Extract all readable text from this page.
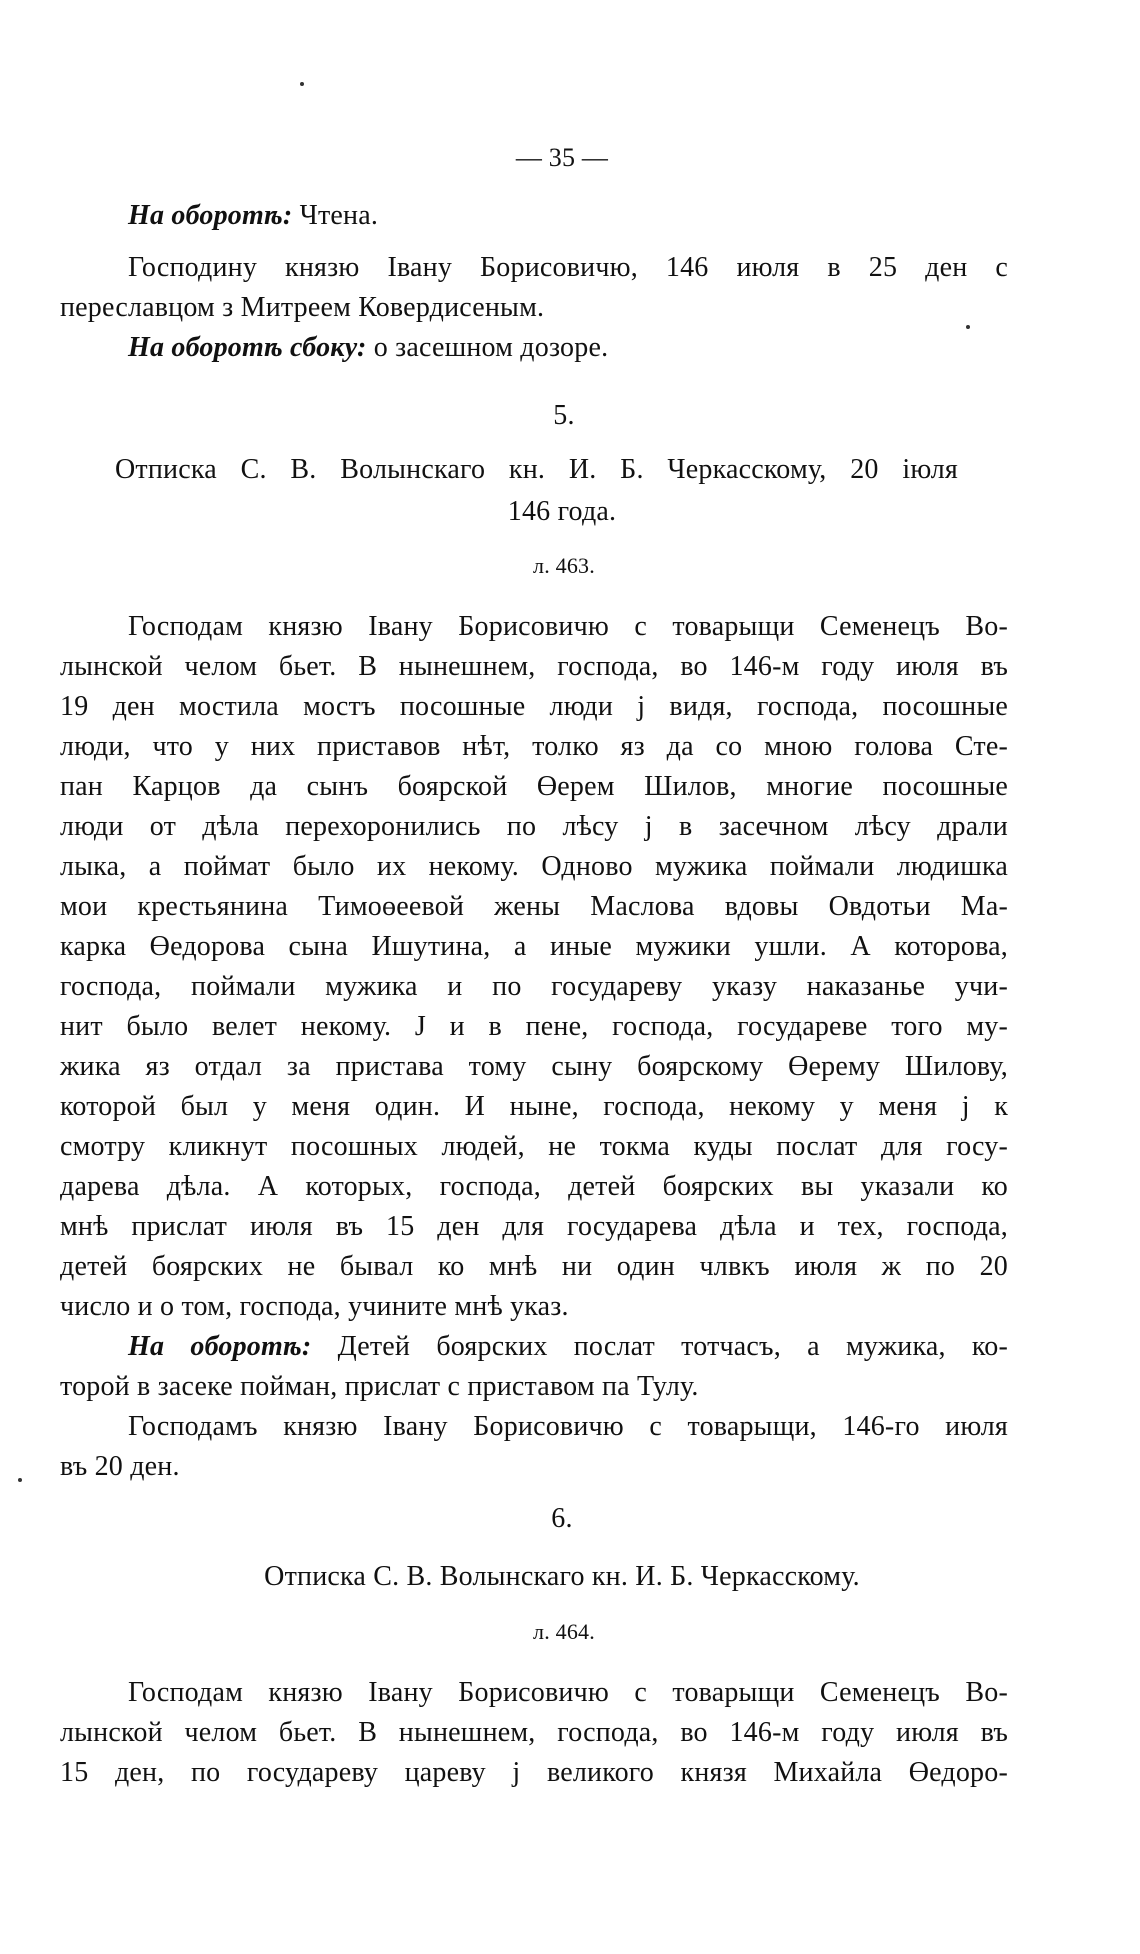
— 35 —
На оборотѣ: Чтена.
Господину князю Івану Борисовичю, 146 июля в 25 ден с
переславцом з Митреем Ковердисеным.
На оборотѣ сбоку: о засешном дозоре.
5.
Отписка С. В. Волынскаго кн. И. Б. Черкасскому, 20 іюля
146 года.
л. 463.
Господам князю Івану Борисовичю с товарыщи Семенецъ Во-
лынской челом бьет. В нынешнем, господа, во 146-м году июля въ
19 ден мостила мостъ посошные люди ј видя, господа, посошные
люди, что у них приставов нѣт, толко яз да со мною голова Сте-
пан Карцов да сынъ боярской Өерем Шилов, многие посошные
люди от дѣла перехоронились по лѣсу ј в засечном лѣсу драли
лыка, а поймат было их некому. Одново мужика поймали людишка
мои крестьянина Тимоөеевой жены Маслова вдовы Овдотьи Ма-
карка Өедорова сына Ишутина, а иные мужики ушли. А которова,
господа, поймали мужика и по государеву указу наказанье учи-
нит было велет некому. Ј и в пене, господа, государеве того му-
жика яз отдал за пристава тому сыну боярскому Өерему Шилову,
которой был у меня один. И ныне, господа, некому у меня ј к
смотру кликнут посошных людей, не токма куды послат для госу-
дарева дѣла. А которых, господа, детей боярских вы указали ко
мнѣ прислат июля въ 15 ден для государева дѣла и тех, господа,
детей боярских не бывал ко мнѣ ни один члвкъ июля ж по 20
число и о том, господа, учините мнѣ указ.
На оборотѣ: Детей боярских послат тотчасъ, а мужика, ко-
торой в засеке пойман, прислат с приставом па Тулу.
Господамъ князю Івану Борисовичю с товарыщи, 146-го июля
въ 20 ден.
6.
Отписка С. В. Волынскаго кн. И. Б. Черкасскому.
л. 464.
Господам князю Івану Борисовичю с товарыщи Семенецъ Во-
лынской челом бьет. В нынешнем, господа, во 146-м году июля въ
15 ден, по государеву цареву ј великого князя Михайла Өедоро-
